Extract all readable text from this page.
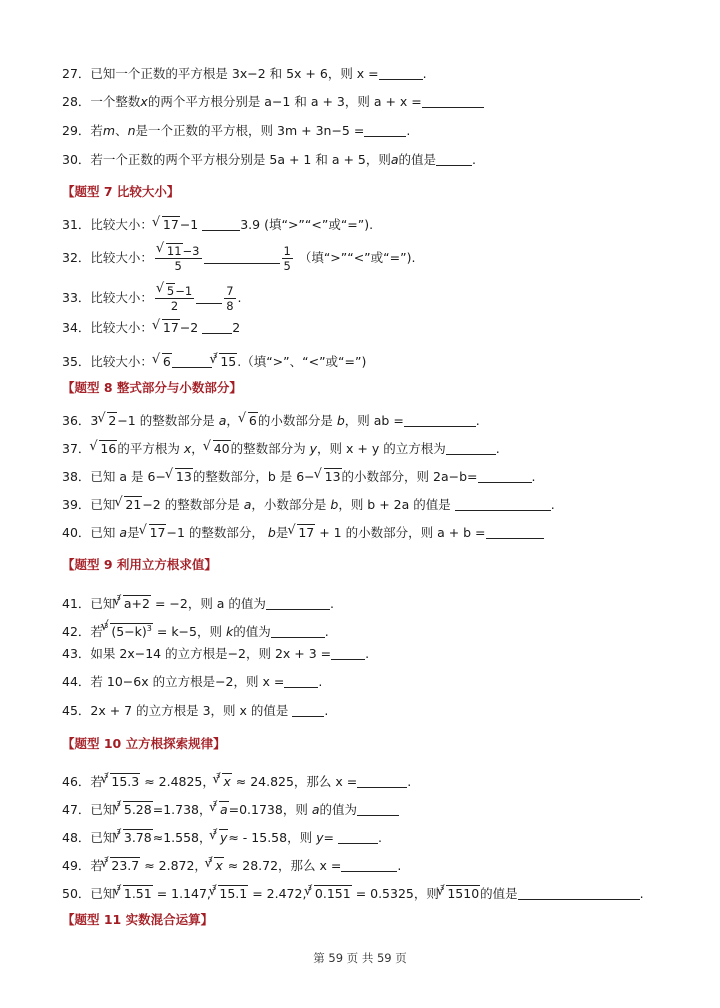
27．已知一个正数的平方根是 3x−2 和 5x + 6，则 x =	.
28．一个整数x的两个平方根分别是 a−1 和 a + 3，则 a + x =
29．若m、n是一个正数的平方根，则 3m + 3n−5 =	.
30．若一个正数的两个平方根分别是 5a + 1 和 a + 5，则a的值是	.
【题型 7 比较大小】
31．比较大小： √ 17−1	3.9 (填“>”“<”或“=”).
32．比较大小： √ $\frac{11-3}{5}$	$\frac{1}{5}$ （填“>”“<”或“=”).
33．比较大小： √ $\frac{5-1}{2}$	$\frac{7}{8}$ .
34．比较大小： √ 17−2	2
35．比较大小： √ 6	$^3$ √ 15.（填“>”、“<”或“=”)
【题型 8 整式部分与小数部分】
36．3 √ 2−1 的整数部分是 a， √ 6的小数部分是 b，则 ab =	.
37． √ 16的平方根为 x， √ 40的整数部分为 y，则 x + y 的立方根为	.
38．已知 a 是 6− √ 13的整数部分，b 是 6− √ 13的小数部分，则 2a−b=	.
39．已知 √ 21−2 的整数部分是 a，小数部分是 b，则 b + 2a 的值是	.
40．已知 a是 √ 17−1 的整数部分， b是 √ 17 + 1 的小数部分，则 a + b =
【题型 9 利用立方根求值】
41．已知$^3$ √ a+2 = −2，则 a 的值为	.
42．若$^3$ √ $(5-k)^3 = k-5$，则 k的值为	.
43．如果 2x−14 的立方根是−2，则 2x + 3 =	.
44．若 10−6x 的立方根是−2，则 x =	.
45．2x + 7 的立方根是 3，则 x 的值是	.
【题型 10 立方根探索规律】
46．若$^3$ √ 15.3 ≈ 2.4825，$^3$ √ x ≈ 24.825，那么 x =	.
47．已知$^3$ √ 5.28=1.738，$^3$ √ a=0.1738，则 a的值为
48．已知$^3$ √ 3.78≈1.558，$^3$ √ y≈ - 15.58，则 y=	.
49．若$^3$ √ 23.7 ≈ 2.872，$^3$ √ x ≈ 28.72，那么 x =	.
50．已知$^3$ √ 1.51 = 1.147,$^3$ √ 15.1 = 2.472,$^3$ √ 0.151 = 0.5325，则$^3$ √ 1510的值是	.
【题型 11 实数混合运算】
第 59 页 共 59 页
